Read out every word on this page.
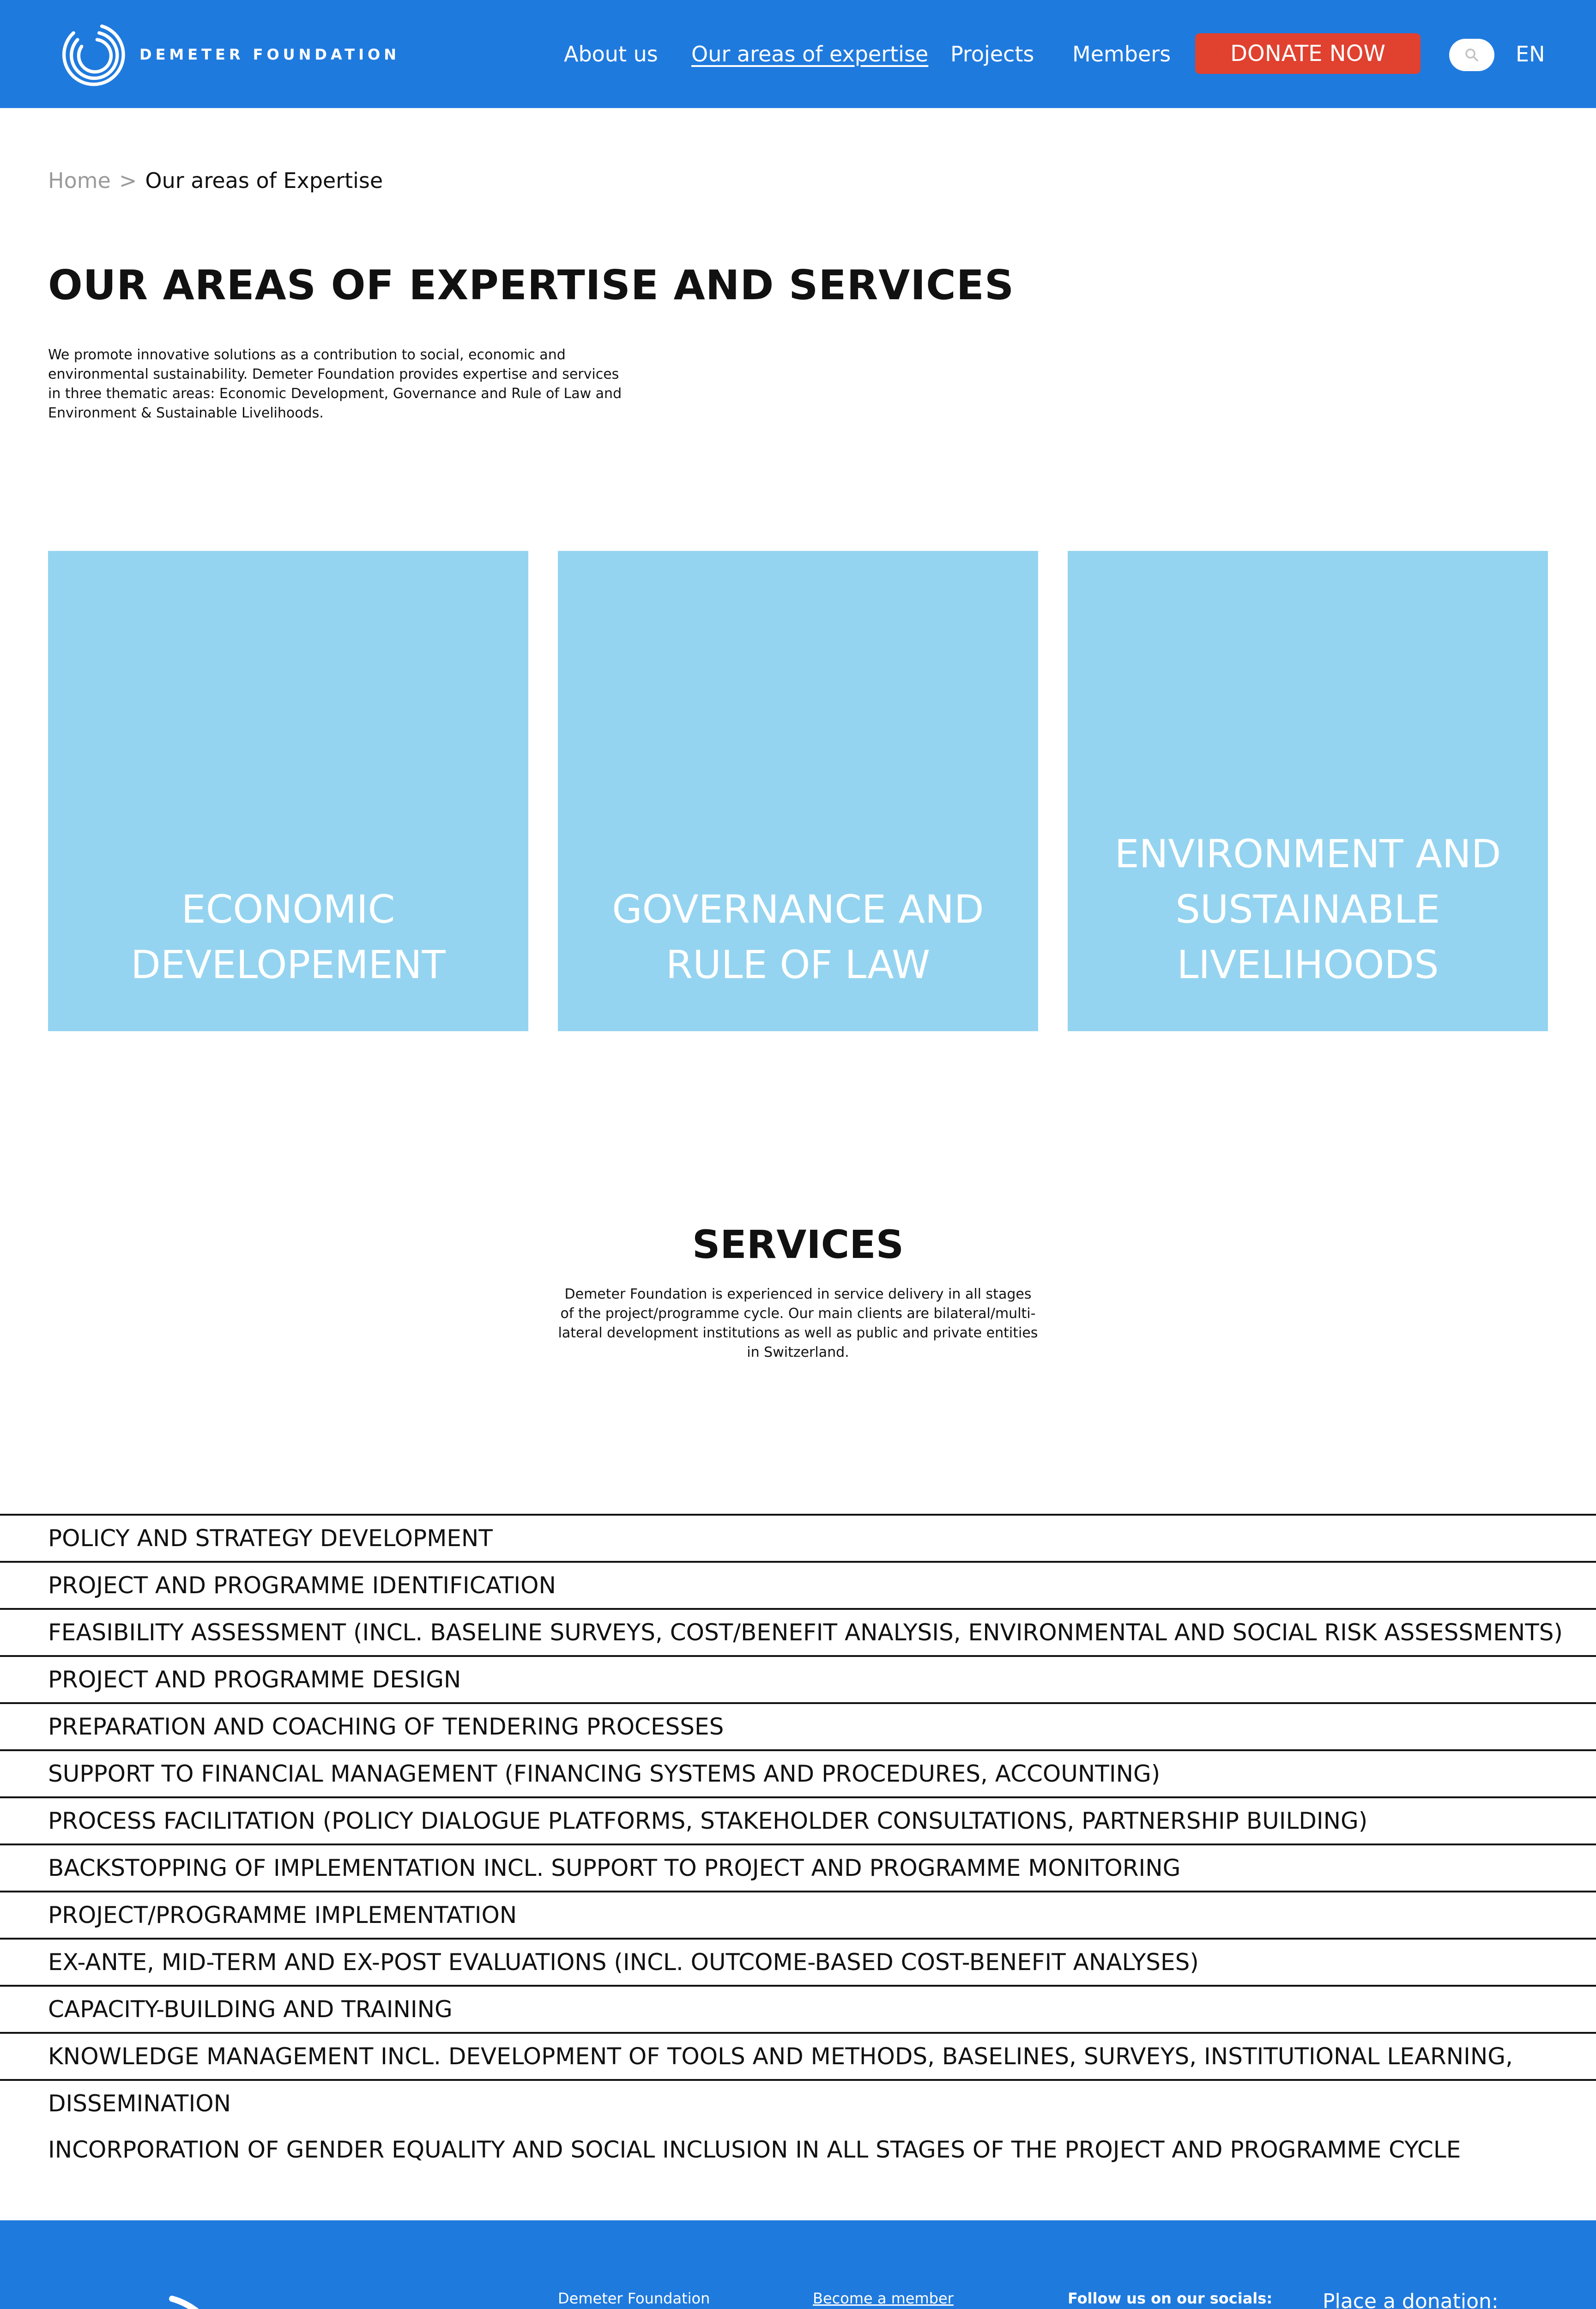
DEMETER FOUNDATION	About us Our areas of expertise Projects Members	DONATE NOW	EN
Home > Our areas of Expertise
OUR AREAS OF EXPERTISE AND SERVICES

We promote innovative solutions as a contribution to social, economic and environmental sustainability. Demeter Foundation provides expertise and services in three thematic areas: Economic Development, Governance and Rule of Law and Environment & Sustainable Livelihoods.

ECONOMIC DEVELOPEMENT
GOVERNANCE AND RULE OF LAW
ENVIRONMENT AND SUSTAINABLE LIVELIHOODS
SERVICES

Demeter Foundation is experienced in service delivery in all stages of the project/programme cycle. Our main clients are bilateral/multi-lateral development institutions as well as public and private entities in Switzerland.

POLICY AND STRATEGY DEVELOPMENT
PROJECT AND PROGRAMME IDENTIFICATION
FEASIBILITY ASSESSMENT (INCL. BASELINE SURVEYS, COST/BENEFIT ANALYSIS, ENVIRONMENTAL AND SOCIAL RISK ASSESSMENTS)
PROJECT AND PROGRAMME DESIGN
PREPARATION AND COACHING OF TENDERING PROCESSES
SUPPORT TO FINANCIAL MANAGEMENT (FINANCING SYSTEMS AND PROCEDURES, ACCOUNTING)
PROCESS FACILITATION (POLICY DIALOGUE PLATFORMS, STAKEHOLDER CONSULTATIONS, PARTNERSHIP BUILDING)
BACKSTOPPING OF IMPLEMENTATION INCL. SUPPORT TO PROJECT AND PROGRAMME MONITORING
PROJECT/PROGRAMME IMPLEMENTATION
EX-ANTE, MID-TERM AND EX-POST EVALUATIONS (INCL. OUTCOME-BASED COST-BENEFIT ANALYSES)
CAPACITY-BUILDING AND TRAINING
KNOWLEDGE MANAGEMENT INCL. DEVELOPMENT OF TOOLS AND METHODS, BASELINES, SURVEYS, INSTITUTIONAL LEARNING,
DISSEMINATION
INCORPORATION OF GENDER EQUALITY AND SOCIAL INCLUSION IN ALL STAGES OF THE PROJECT AND PROGRAMME CYCLE
Demeter Foundation	Become a member	Follow us on our socials: Place a donation:
